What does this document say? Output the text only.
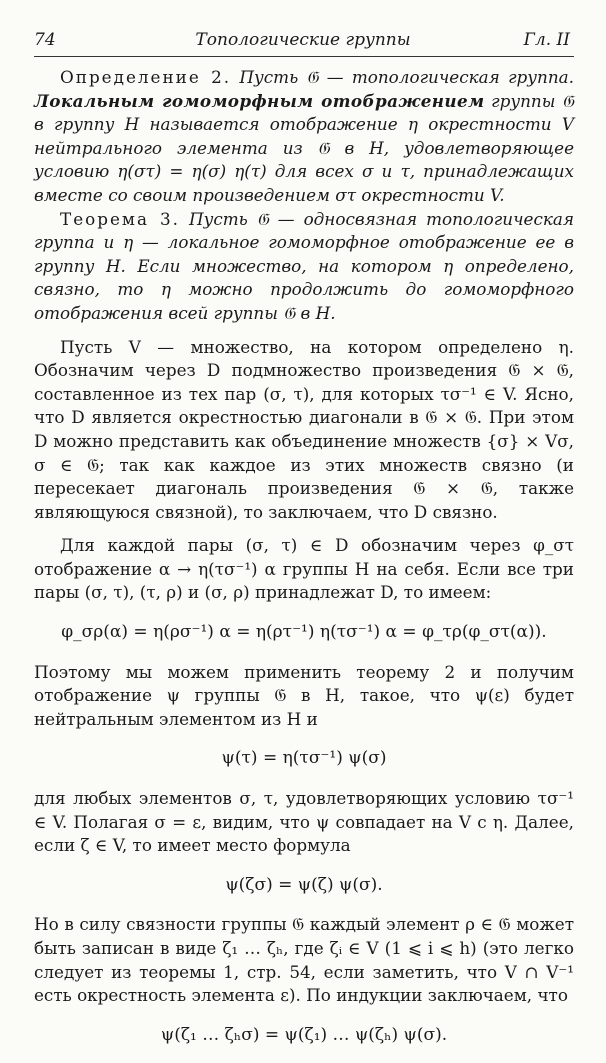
74	Топологические группы	Гл. II

Определение 2. Пусть 𝔊 — топологическая группа. Локальным гомоморфным отображением группы 𝔊 в группу H называется отображение η окрестности V нейтрального элемента из 𝔊 в H, удовлетворяющее условию η(στ) = η(σ) η(τ) для всех σ и τ, принадлежащих вместе со своим произведением στ окрестности V.

Теорема 3. Пусть 𝔊 — односвязная топологическая группа и η — локальное гомоморфное отображение ее в группу H. Если множество, на котором η определено, связно, то η можно продолжить до гомоморфного отображения всей группы 𝔊 в H.

Пусть V — множество, на котором определено η. Обозначим через D подмножество произведения 𝔊 × 𝔊, составленное из тех пар (σ, τ), для которых τσ⁻¹ ∈ V. Ясно, что D является окрестностью диагонали в 𝔊 × 𝔊. При этом D можно представить как объединение множеств {σ} × Vσ, σ ∈ 𝔊; так как каждое из этих множеств связно (и пересекает диагональ произведения 𝔊 × 𝔊, также являющуюся связной), то заключаем, что D связно.

Для каждой пары (σ, τ) ∈ D обозначим через φ_στ отображение α → η(τσ⁻¹) α группы H на себя. Если все три пары (σ, τ), (τ, ρ) и (σ, ρ) принадлежат D, то имеем:

φ_σρ(α) = η(ρσ⁻¹) α = η(ρτ⁻¹) η(τσ⁻¹) α = φ_τρ(φ_στ(α)).

Поэтому мы можем применить теорему 2 и получим отображение ψ группы 𝔊 в H, такое, что ψ(ε) будет нейтральным элементом из H и

ψ(τ) = η(τσ⁻¹) ψ(σ)

для любых элементов σ, τ, удовлетворяющих условию τσ⁻¹ ∈ V. Полагая σ = ε, видим, что ψ совпадает на V с η. Далее, если ζ ∈ V, то имеет место формула

ψ(ζσ) = ψ(ζ) ψ(σ).

Но в силу связности группы 𝔊 каждый элемент ρ ∈ 𝔊 может быть записан в виде ζ₁ … ζₕ, где ζᵢ ∈ V (1 ⩽ i ⩽ h) (это легко следует из теоремы 1, стр. 54, если заметить, что V ∩ V⁻¹ есть окрестность элемента ε). По индукции заключаем, что

ψ(ζ₁ … ζₕσ) = ψ(ζ₁) … ψ(ζₕ) ψ(σ).
